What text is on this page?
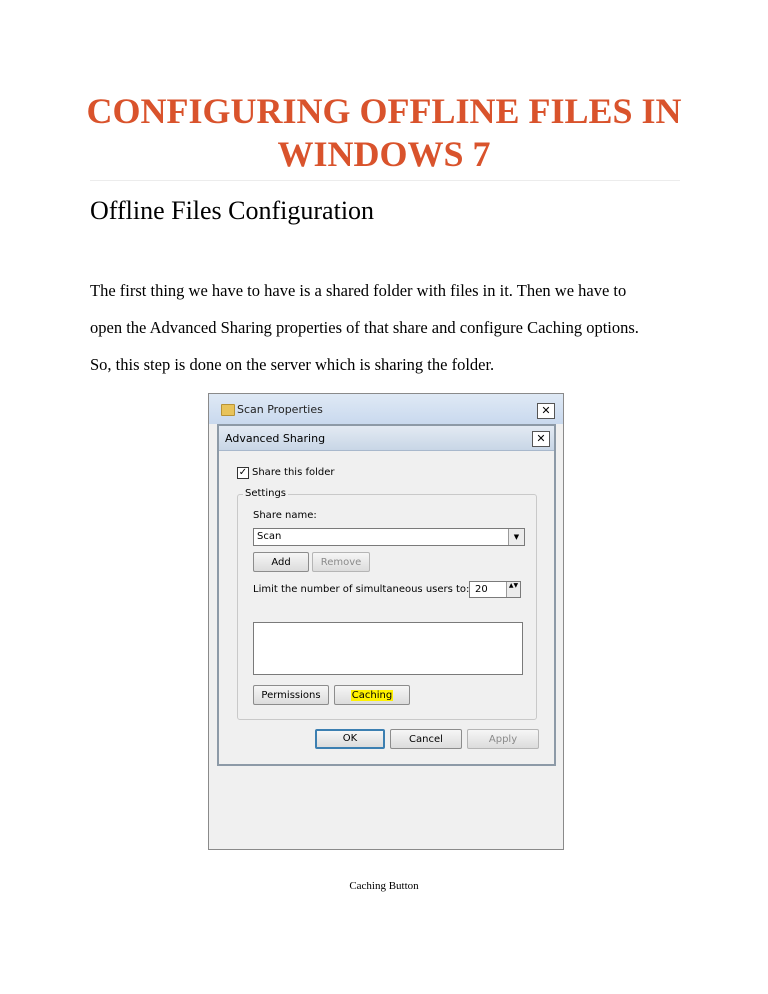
CONFIGURING OFFLINE FILES IN
WINDOWS 7
Offline Files Configuration

The first thing we have to have is a shared folder with files in it. Then we have to
open the Advanced Sharing properties of that share and configure Caching options.
So, this step is done on the server which is sharing the folder.

Scan Properties	✕
Advanced Sharing	✕
✓ Share this folder
Settings
Share name:
Scan	▼
Add	Remove
Limit the number of simultaneous users to: 20	▲▼
Permissions	Caching
OK	Cancel	Apply
Caching Button
